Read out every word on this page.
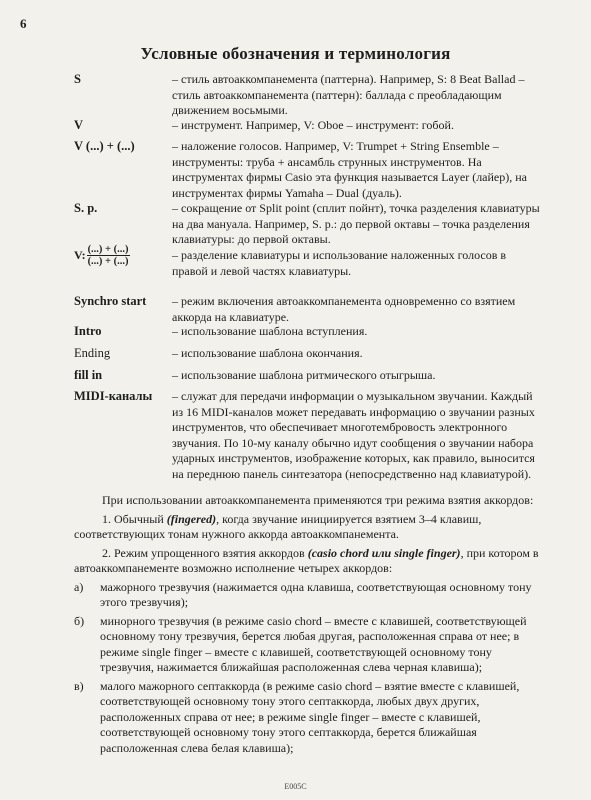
6
Условные обозначения и терминология
S	– стиль автоаккомпанемента (паттерна). Например, S: 8 Beat Ballad – стиль автоаккомпанемента (паттерн): баллада с преобладающим движением восьмыми.
V	– инструмент. Например, V: Oboe – инструмент: гобой.
V (...) + (...)	– наложение голосов. Например, V: Trumpet + String Ensemble – инструменты: труба + ансамбль струнных инструментов. На инструментах фирмы Casio эта функция называется Layer (лайер), на инструментах фирмы Yamaha – Dual (дуаль).
S. p.	– сокращение от Split point (сплит пойнт), точка разделения клавиатуры на два мануала. Например, S. p.: до первой октавы – точка разделения клавиатуры: до первой октавы.
V: $\frac{(...) + (...)}{(...) + (...)}$	– разделение клавиатуры и использование наложенных голосов в правой и левой частях клавиатуры.
Synchro start – режим включения автоаккомпанемента одновременно со взятием аккорда на клавиатуре.
Intro	– использование шаблона вступления.
Ending	– использование шаблона окончания.
fill in	– использование шаблона ритмического отыгрыша.
MIDI-каналы – служат для передачи информации о музыкальном звучании. Каждый из 16 MIDI-каналов может передавать информацию о звучании разных инструментов, что обеспечивает многотембровость электронного звучания. По 10-му каналу обычно идут сообщения о звучании набора ударных инструментов, изображение которых, как правило, выносится на переднюю панель синтезатора (непосредственно над клавиатурой).

При использовании автоаккомпанемента применяются три режима взятия аккордов:

1. Обычный (fingered), когда звучание инициируется взятием 3–4 клавиш, соответствующих тонам нужного аккорда автоаккомпанемента.

2. Режим упрощенного взятия аккордов (casio chord или single finger), при котором в автоаккомпанементе возможно исполнение четырех аккордов:

а) мажорного трезвучия (нажимается одна клавиша, соответствующая основному тону этого трезвучия);
б) минорного трезвучия (в режиме casio chord – вместе с клавишей, соответствующей основному тону трезвучия, берется любая другая, расположенная справа от нее; в режиме single finger – вместе с клавишей, соответствующей основному тону трезвучия, нажимается ближайшая расположенная слева черная клавиша);
в) малого мажорного септаккорда (в режиме casio chord – взятие вместе с клавишей, соответствующей основному тону этого септаккорда, любых двух других, расположенных справа от нее; в режиме single finger – вместе с клавишей, соответствующей основному тону этого септаккорда, берется ближайшая расположенная слева белая клавиша);
Е005С
